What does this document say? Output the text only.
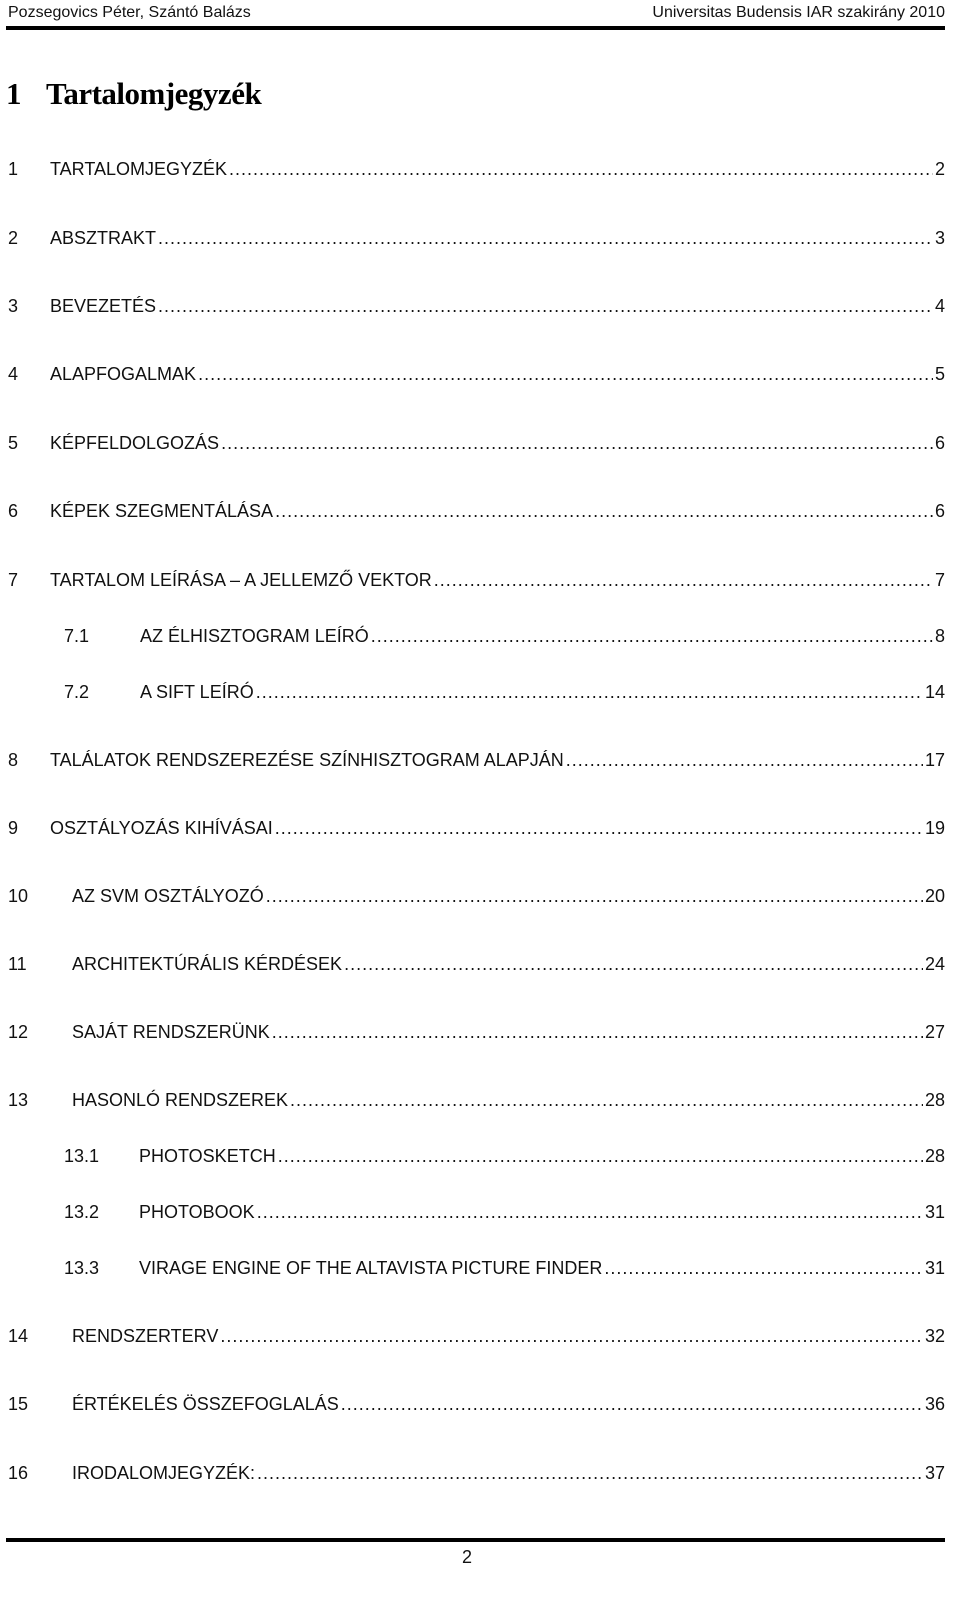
Pozsegovics Péter, Szántó Balázs	Universitas Budensis IAR szakirány 2010
1 Tartalomjegyzék
1	TARTALOMJEGYZÉK .....	2
2	ABSZTRAKT .....	3
3	BEVEZETÉS .....	4
4	ALAPFOGALMAK .....	5
5	KÉPFELDOLGOZÁS .....	6
6	KÉPEK SZEGMENTÁLÁSA .....	6
7	TARTALOM LEÍRÁSA – A JELLEMZŐ VEKTOR .....	7
7.1	AZ ÉLHISZTOGRAM LEÍRÓ .....	8
7.2	A SIFT LEÍRÓ .....	14
8	TALÁLATOK RENDSZEREZÉSE SZÍNHISZTOGRAM ALAPJÁN .....	17
9	OSZTÁLYOZÁS KIHÍVÁSAI .....	19
10	AZ SVM OSZTÁLYOZÓ .....	20
11	ARCHITEKTÚRÁLIS KÉRDÉSEK .....	24
12	SAJÁT RENDSZERÜNK .....	27
13	HASONLÓ RENDSZEREK .....	28
13.1	PHOTOSKETCH .....	28
13.2	PHOTOBOOK .....	31
13.3	VIRAGE ENGINE OF THE ALTAVISTA PICTURE FINDER .....	31
14	RENDSZERTERV .....	32
15	ÉRTÉKELÉS ÖSSZEFOGLALÁS .....	36
16	IRODALOMJEGYZÉK: .....	37
2
